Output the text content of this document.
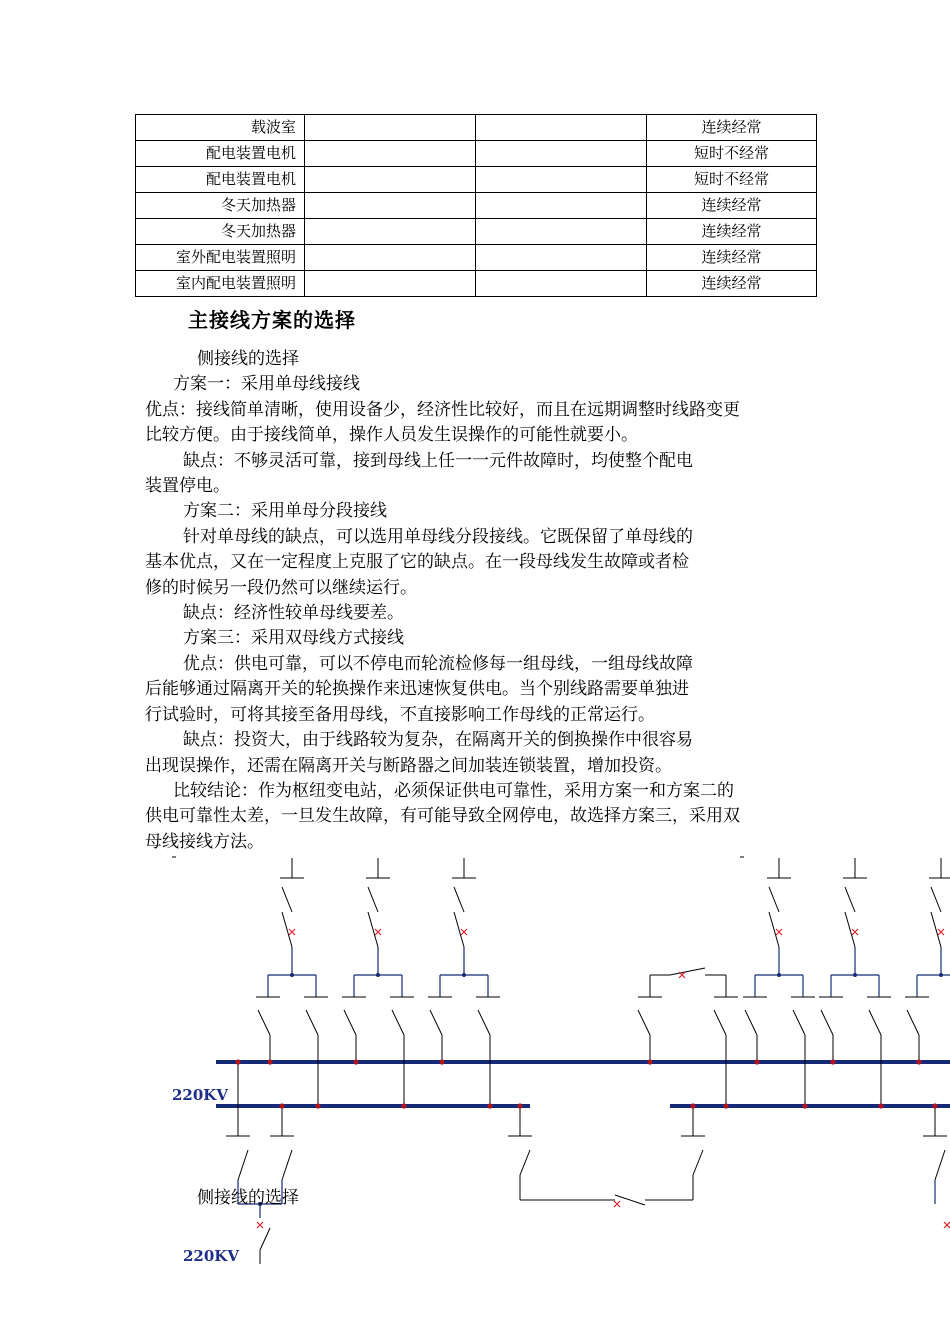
载波室			连续经常
配电装置电机			短时不经常
配电装置电机			短时不经常
冬天加热器			连续经常
冬天加热器			连续经常
室外配电装置照明			连续经常
室内配电装置照明			连续经常
主接线方案的选择

侧接线的选择

方案一：采用单母线接线

优点：接线简单清晰，使用设备少，经济性比较好，而且在远期调整时线路变更

比较方便。由于接线简单，操作人员发生误操作的可能性就要小。

缺点：不够灵活可靠，接到母线上任一一元件故障时，均使整个配电

装置停电。

方案二：采用单母分段接线

针对单母线的缺点，可以选用单母线分段接线。它既保留了单母线的

基本优点，又在一定程度上克服了它的缺点。在一段母线发生故障或者检

修的时候另一段仍然可以继续运行。

缺点：经济性较单母线要差。

方案三：采用双母线方式接线

优点：供电可靠，可以不停电而轮流检修每一组母线，一组母线故障

后能够通过隔离开关的轮换操作来迅速恢复供电。当个别线路需要单独进

行试验时，可将其接至备用母线，不直接影响工作母线的正常运行。

缺点：投资大，由于线路较为复杂，在隔离开关的倒换操作中很容易

出现误操作，还需在隔离开关与断路器之间加装连锁装置，增加投资。

比较结论：作为枢纽变电站，必须保证供电可靠性，采用方案一和方案二的

供电可靠性太差，一旦发生故障，有可能导致全网停电，故选择方案三，采用双

母线接线方法。

220KV
侧接线的选择
220KV
